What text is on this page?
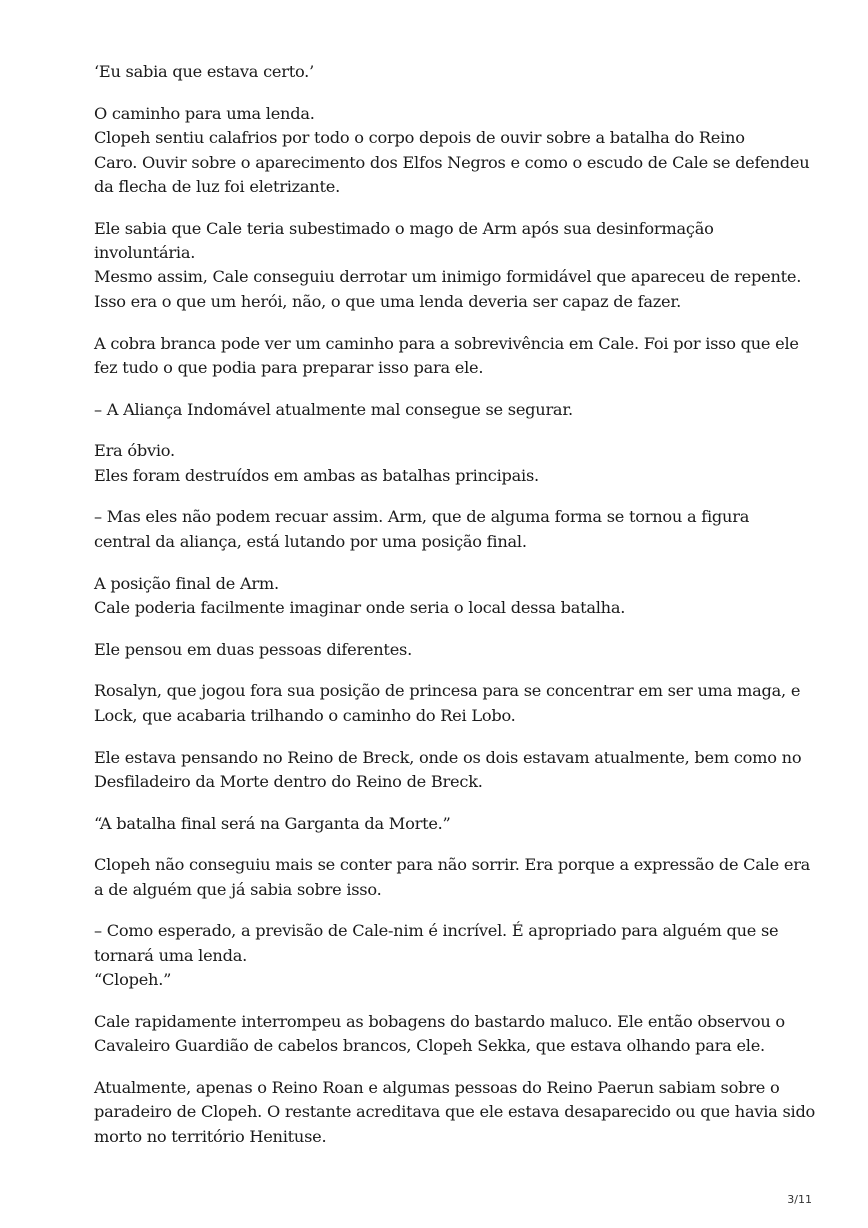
‘Eu sabia que estava certo.’
O caminho para uma lenda.
Clopeh sentiu calafrios por todo o corpo depois de ouvir sobre a batalha do Reino
Caro. Ouvir sobre o aparecimento dos Elfos Negros e como o escudo de Cale se defendeu
da flecha de luz foi eletrizante.
Ele sabia que Cale teria subestimado o mago de Arm após sua desinformação
involuntária.
Mesmo assim, Cale conseguiu derrotar um inimigo formidável que apareceu de repente.
Isso era o que um herói, não, o que uma lenda deveria ser capaz de fazer.
A cobra branca pode ver um caminho para a sobrevivência em Cale. Foi por isso que ele
fez tudo o que podia para preparar isso para ele.
– A Aliança Indomável atualmente mal consegue se segurar.
Era óbvio.
Eles foram destruídos em ambas as batalhas principais.
– Mas eles não podem recuar assim. Arm, que de alguma forma se tornou a figura
central da aliança, está lutando por uma posição final.
A posição final de Arm.
Cale poderia facilmente imaginar onde seria o local dessa batalha.
Ele pensou em duas pessoas diferentes.
Rosalyn, que jogou fora sua posição de princesa para se concentrar em ser uma maga, e
Lock, que acabaria trilhando o caminho do Rei Lobo.
Ele estava pensando no Reino de Breck, onde os dois estavam atualmente, bem como no
Desfiladeiro da Morte dentro do Reino de Breck.
“A batalha final será na Garganta da Morte.”
Clopeh não conseguiu mais se conter para não sorrir. Era porque a expressão de Cale era
a de alguém que já sabia sobre isso.
– Como esperado, a previsão de Cale-nim é incrível. É apropriado para alguém que se
tornará uma lenda.
“Clopeh.”
Cale rapidamente interrompeu as bobagens do bastardo maluco. Ele então observou o
Cavaleiro Guardião de cabelos brancos, Clopeh Sekka, que estava olhando para ele.
Atualmente, apenas o Reino Roan e algumas pessoas do Reino Paerun sabiam sobre o
paradeiro de Clopeh. O restante acreditava que ele estava desaparecido ou que havia sido
morto no território Henituse.
3/11
